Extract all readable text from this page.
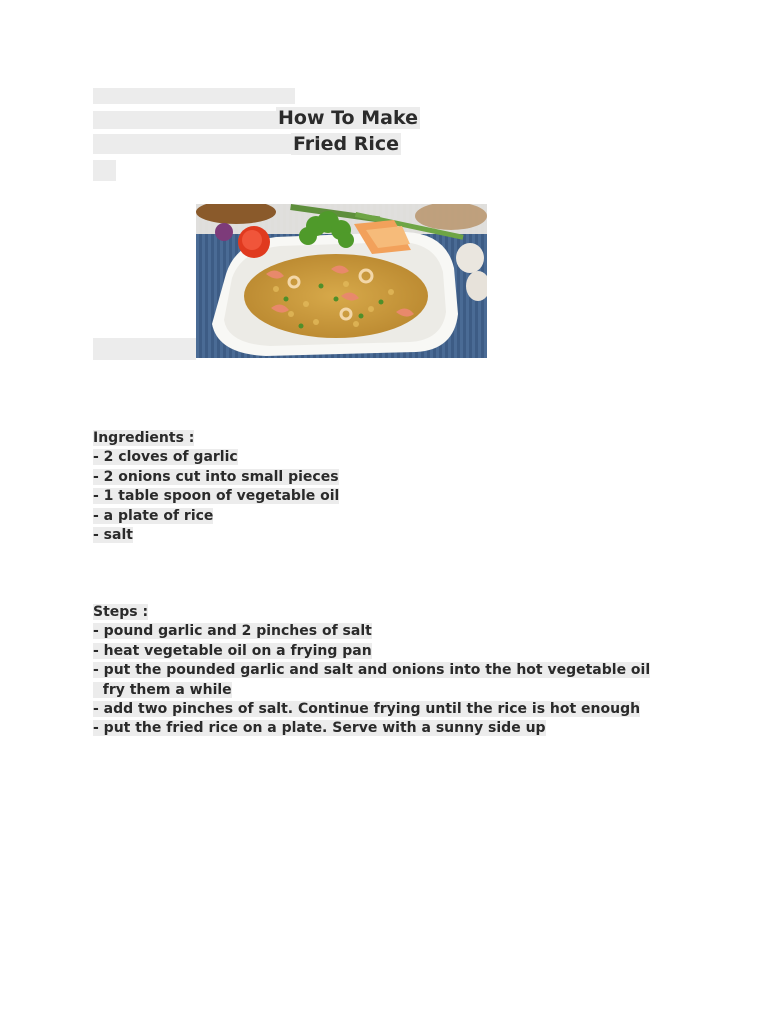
How To Make
Fried Rice
Ingredients :
- 2 cloves of garlic
- 2 onions cut into small pieces
- 1 table spoon of vegetable oil
- a plate of rice
- salt
Steps :
- pound garlic and 2 pinches of salt
- heat vegetable oil on a frying pan
- put the pounded garlic and salt and onions into the hot vegetable oil
fry them a while
- add two pinches of salt. Continue frying until the rice is hot enough
- put the fried rice on a plate. Serve with a sunny side up
